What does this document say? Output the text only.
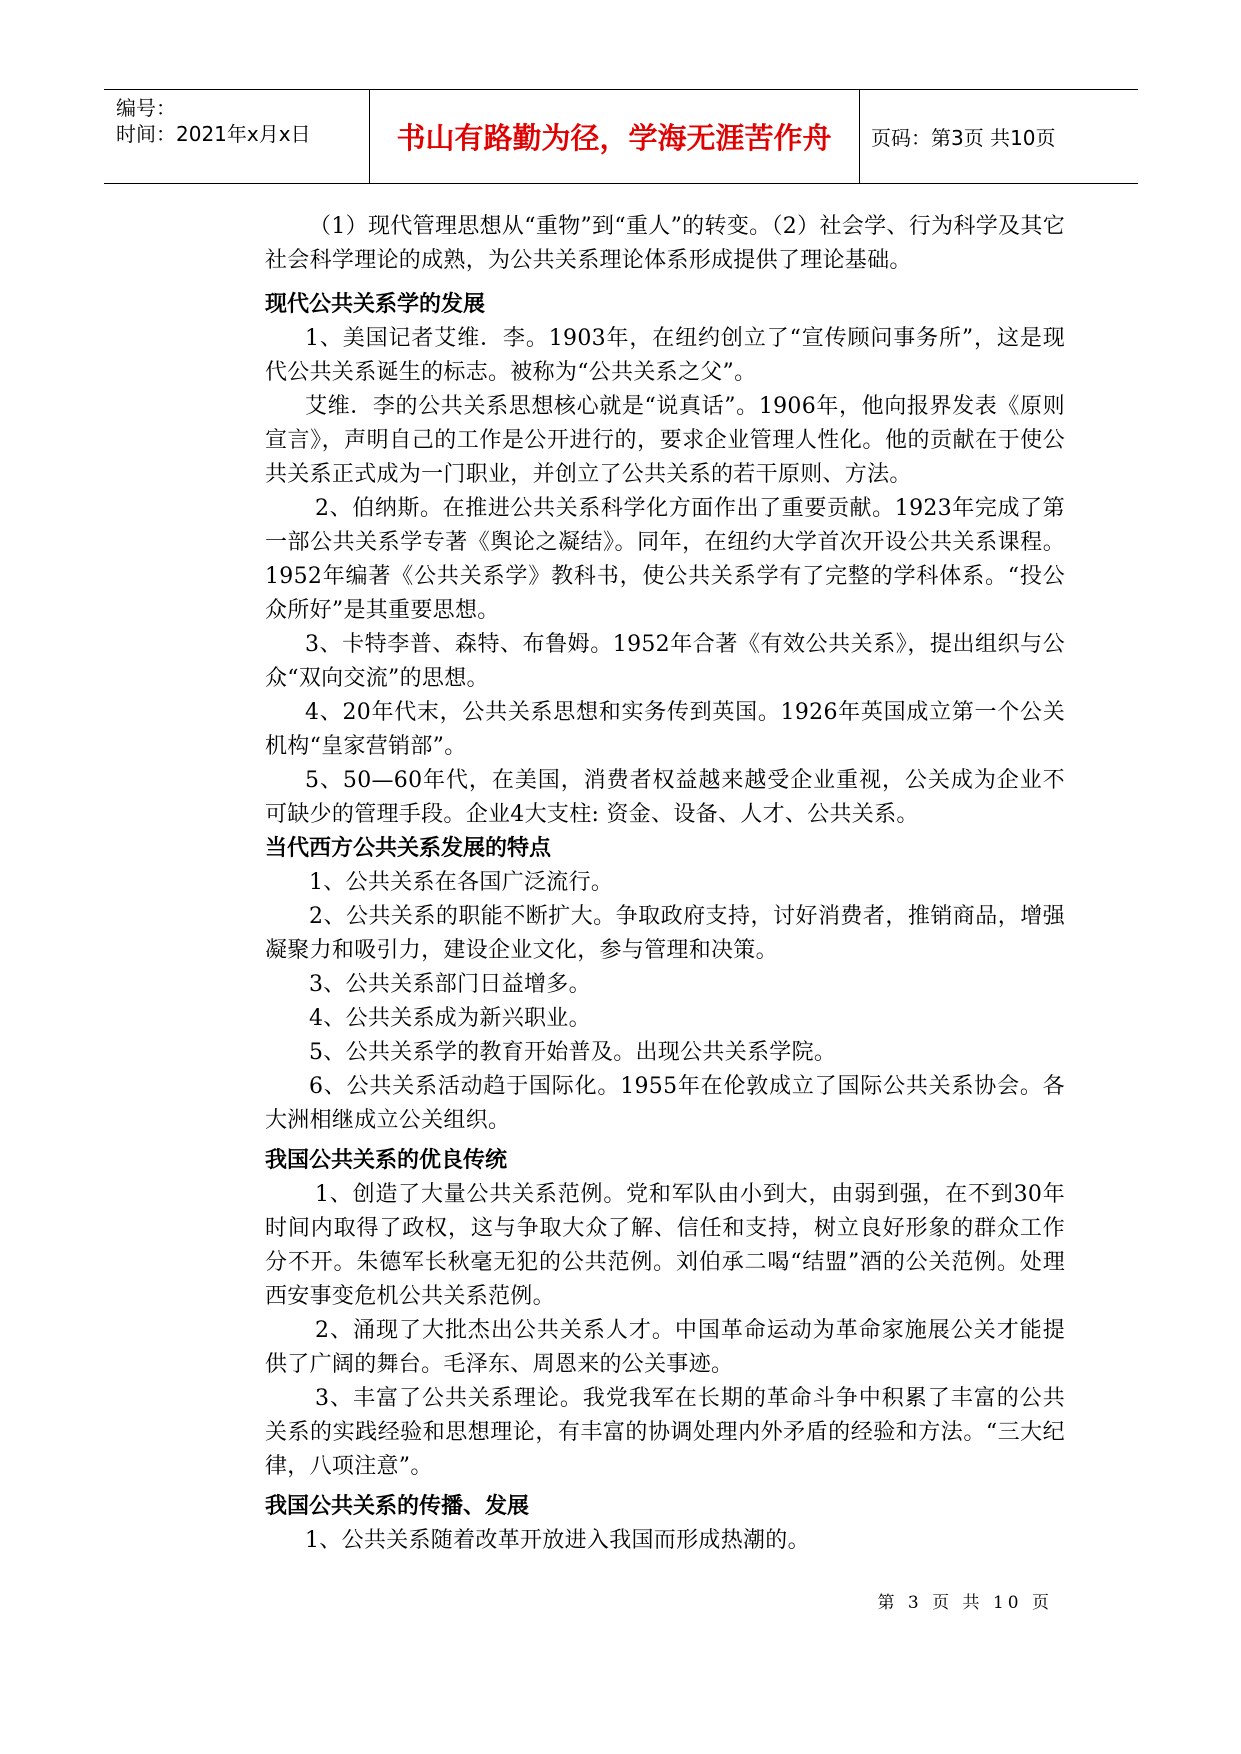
编号：
时间：2021年x月x日	书山有路勤为径，学海无涯苦作舟	页码：第3页 共10页

（1）现代管理思想从“重物”到“重人”的转变。（2）社会学、行为科学及其它社会科学理论的成熟，为公共关系理论体系形成提供了理论基础。

现代公共关系学的发展

1、美国记者艾维．李。1903年，在纽约创立了“宣传顾问事务所”，这是现代公共关系诞生的标志。被称为“公共关系之父”。

艾维．李的公共关系思想核心就是“说真话”。1906年，他向报界发表《原则宣言》，声明自己的工作是公开进行的，要求企业管理人性化。他的贡献在于使公共关系正式成为一门职业，并创立了公共关系的若干原则、方法。

2、伯纳斯。在推进公共关系科学化方面作出了重要贡献。1923年完成了第一部公共关系学专著《舆论之凝结》。同年，在纽约大学首次开设公共关系课程。1952年编著《公共关系学》教科书，使公共关系学有了完整的学科体系。“投公众所好”是其重要思想。

3、卡特李普、森特、布鲁姆。1952年合著《有效公共关系》，提出组织与公众“双向交流”的思想。

4、20年代末，公共关系思想和实务传到英国。1926年英国成立第一个公关机构“皇家营销部”。

5、50—60年代，在美国，消费者权益越来越受企业重视，公关成为企业不可缺少的管理手段。企业4大支柱: 资金、设备、人才、公共关系。

当代西方公共关系发展的特点

1、公共关系在各国广泛流行。

2、公共关系的职能不断扩大。争取政府支持，讨好消费者，推销商品，增强凝聚力和吸引力，建设企业文化，参与管理和决策。

3、公共关系部门日益增多。

4、公共关系成为新兴职业。

5、公共关系学的教育开始普及。出现公共关系学院。

6、公共关系活动趋于国际化。1955年在伦敦成立了国际公共关系协会。各大洲相继成立公关组织。

我国公共关系的优良传统

1、创造了大量公共关系范例。党和军队由小到大，由弱到强，在不到30年时间内取得了政权，这与争取大众了解、信任和支持，树立良好形象的群众工作分不开。朱德军长秋毫无犯的公共范例。刘伯承二喝“结盟”酒的公关范例。处理西安事变危机公共关系范例。

2、涌现了大批杰出公共关系人才。中国革命运动为革命家施展公关才能提供了广阔的舞台。毛泽东、周恩来的公关事迹。

3、丰富了公共关系理论。我党我军在长期的革命斗争中积累了丰富的公共关系的实践经验和思想理论，有丰富的协调处理内外矛盾的经验和方法。“三大纪律，八项注意”。

我国公共关系的传播、发展

1、公共关系随着改革开放进入我国而形成热潮的。

第 3 页 共 10 页
